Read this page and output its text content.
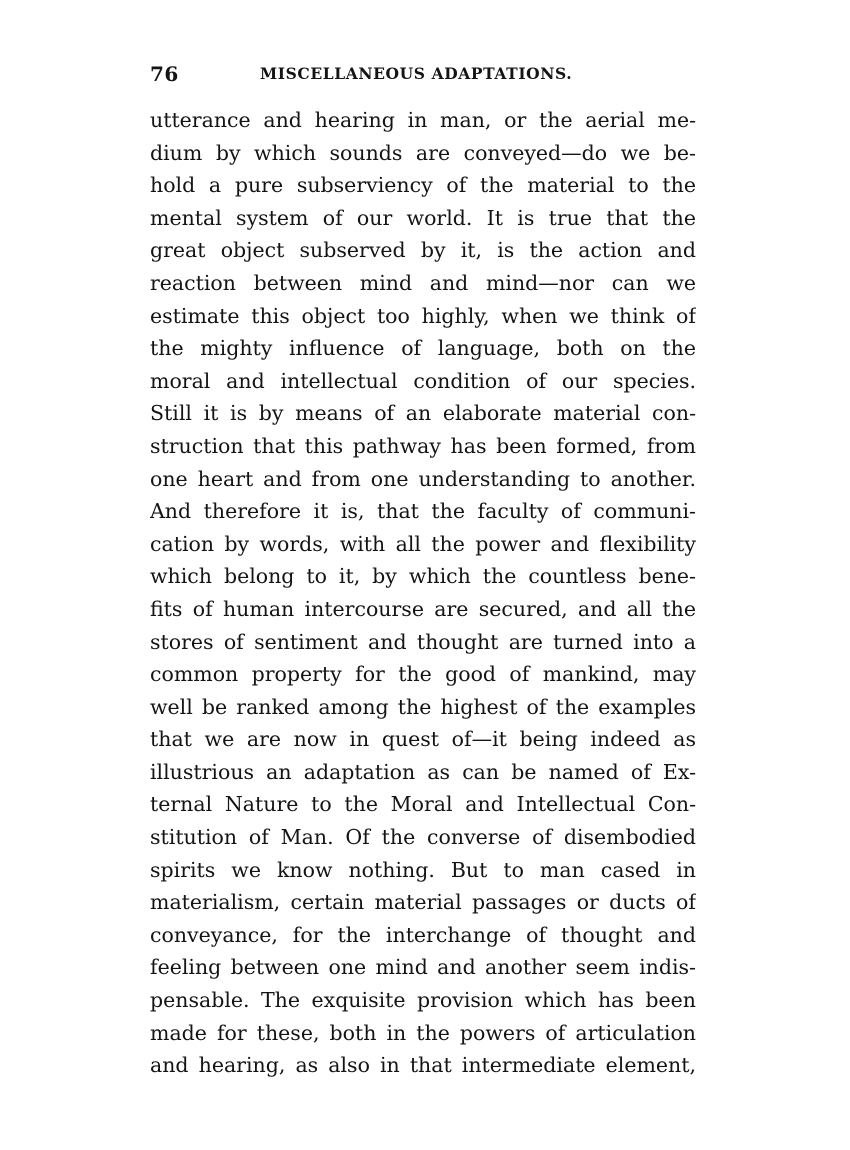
76	MISCELLANEOUS ADAPTATIONS.
utterance and hearing in man, or the aerial me-
dium by which sounds are conveyed—do we be-
hold a pure subserviency of the material to the
mental system of our world. It is true that the
great object subserved by it, is the action and
reaction between mind and mind—nor can we
estimate this object too highly, when we think of
the mighty influence of language, both on the
moral and intellectual condition of our species.
Still it is by means of an elaborate material con-
struction that this pathway has been formed, from
one heart and from one understanding to another.
And therefore it is, that the faculty of communi-
cation by words, with all the power and flexibility
which belong to it, by which the countless bene-
fits of human intercourse are secured, and all the
stores of sentiment and thought are turned into a
common property for the good of mankind, may
well be ranked among the highest of the examples
that we are now in quest of—it being indeed as
illustrious an adaptation as can be named of Ex-
ternal Nature to the Moral and Intellectual Con-
stitution of Man. Of the converse of disembodied
spirits we know nothing. But to man cased in
materialism, certain material passages or ducts of
conveyance, for the interchange of thought and
feeling between one mind and another seem indis-
pensable. The exquisite provision which has been
made for these, both in the powers of articulation
and hearing, as also in that intermediate element,
